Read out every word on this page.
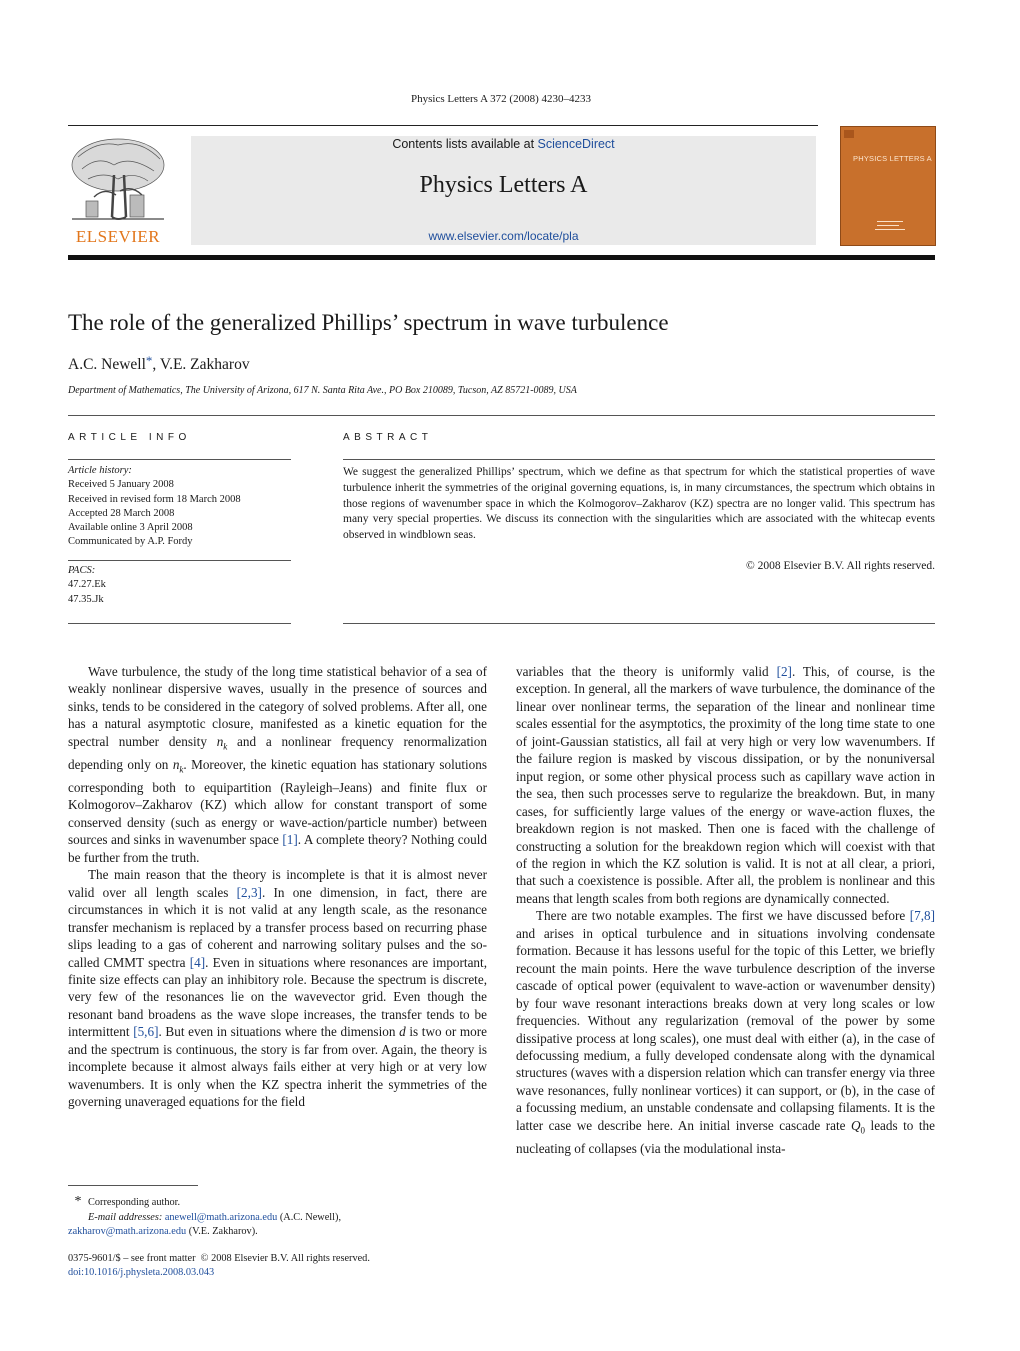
Physics Letters A 372 (2008) 4230–4233
ELSEVIER
Contents lists available at ScienceDirect
Physics Letters A
www.elsevier.com/locate/pla
PHYSICS LETTERS A
The role of the generalized Phillips’ spectrum in wave turbulence
A.C. Newell*, V.E. Zakharov
Department of Mathematics, The University of Arizona, 617 N. Santa Rita Ave., PO Box 210089, Tucson, AZ 85721-0089, USA
ARTICLE INFO
Article history:
Received 5 January 2008
Received in revised form 18 March 2008
Accepted 28 March 2008
Available online 3 April 2008
Communicated by A.P. Fordy
PACS:
47.27.Ek
47.35.Jk
ABSTRACT
We suggest the generalized Phillips’ spectrum, which we define as that spectrum for which the statistical properties of wave turbulence inherit the symmetries of the original governing equations, is, in many circumstances, the spectrum which obtains in those regions of wavenumber space in which the Kolmogorov–Zakharov (KZ) spectra are no longer valid. This spectrum has many very special properties. We discuss its connection with the singularities which are associated with the whitecap events observed in windblown seas.
© 2008 Elsevier B.V. All rights reserved.

Wave turbulence, the study of the long time statistical behavior of a sea of weakly nonlinear dispersive waves, usually in the presence of sources and sinks, tends to be considered in the category of solved problems. After all, one has a natural asymptotic closure, manifested as a kinetic equation for the spectral number density $n_k$ and a nonlinear frequency renormalization depending only on $n_k$. Moreover, the kinetic equation has stationary solutions corresponding both to equipartition (Rayleigh–Jeans) and finite flux or Kolmogorov–Zakharov (KZ) which allow for constant transport of some conserved density (such as energy or wave-action/particle number) between sources and sinks in wavenumber space [1]. A complete theory? Nothing could be further from the truth.

The main reason that the theory is incomplete is that it is almost never valid over all length scales [2,3]. In one dimension, in fact, there are circumstances in which it is not valid at any length scale, as the resonance transfer mechanism is replaced by a transfer process based on recurring phase slips leading to a gas of coherent and narrowing solitary pulses and the so-called CMMT spectra [4]. Even in situations where resonances are important, finite size effects can play an inhibitory role. Because the spectrum is discrete, very few of the resonances lie on the wavevector grid. Even though the resonant band broadens as the wave slope increases, the transfer tends to be intermittent [5,6]. But even in situations where the dimension d is two or more and the spectrum is continuous, the story is far from over. Again, the theory is incomplete because it almost always fails either at very high or at very low wavenumbers. It is only when the KZ spectra inherit the symmetries of the governing unaveraged equations for the field

variables that the theory is uniformly valid [2]. This, of course, is the exception. In general, all the markers of wave turbulence, the dominance of the linear over nonlinear terms, the separation of the linear and nonlinear time scales essential for the asymptotics, the proximity of the long time state to one of joint-Gaussian statistics, all fail at very high or very low wavenumbers. If the failure region is masked by viscous dissipation, or by the nonuniversal input region, or some other physical process such as capillary wave action in the sea, then such processes serve to regularize the breakdown. But, in many cases, for sufficiently large values of the energy or wave-action fluxes, the breakdown region is not masked. Then one is faced with the challenge of constructing a solution for the breakdown region which will coexist with that of the region in which the KZ solution is valid. It is not at all clear, a priori, that such a coexistence is possible. After all, the problem is nonlinear and this means that length scales from both regions are dynamically connected.

There are two notable examples. The first we have discussed before [7,8] and arises in optical turbulence and in situations involving condensate formation. Because it has lessons useful for the topic of this Letter, we briefly recount the main points. Here the wave turbulence description of the inverse cascade of optical power (equivalent to wave-action or wavenumber density) by four wave resonant interactions breaks down at very long scales or low frequencies. Without any regularization (removal of the power by some dissipative process at long scales), one must deal with either (a), in the case of defocussing medium, a fully developed condensate along with the dynamical structures (waves with a dispersion relation which can transfer energy via three wave resonances, fully nonlinear vortices) it can support, or (b), in the case of a focussing medium, an unstable condensate and collapsing filaments. It is the latter case we describe here. An initial inverse cascade rate $Q_0$ leads to the nucleating of collapses (via the modulational insta-

* Corresponding author.
E-mail addresses: anewell@math.arizona.edu (A.C. Newell),
zakharov@math.arizona.edu (V.E. Zakharov).
0375-9601/$ – see front matter  © 2008 Elsevier B.V. All rights reserved.
doi:10.1016/j.physleta.2008.03.043
